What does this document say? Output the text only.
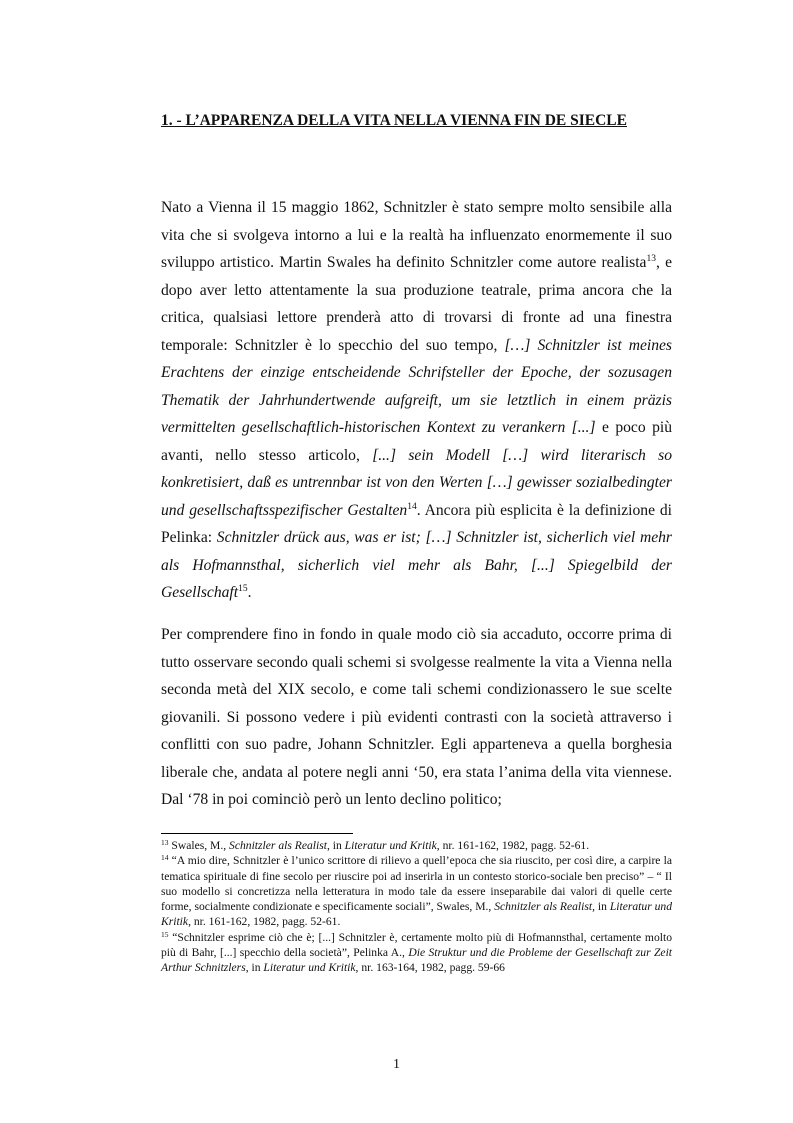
1. - L’APPARENZA DELLA VITA NELLA VIENNA FIN DE SIECLE

Nato a Vienna il 15 maggio 1862, Schnitzler è stato sempre molto sensibile alla vita che si svolgeva intorno a lui e la realtà ha influenzato enormemente il suo sviluppo artistico. Martin Swales ha definito Schnitzler come autore realista$^{13}$, e dopo aver letto attentamente la sua produzione teatrale, prima ancora che la critica, qualsiasi lettore prenderà atto di trovarsi di fronte ad una finestra temporale: Schnitzler è lo specchio del suo tempo, […] Schnitzler ist meines Erachtens der einzige entscheidende Schrifsteller der Epoche, der sozusagen Thematik der Jahrhundertwende aufgreift, um sie letztlich in einem präzis vermittelten gesellschaftlich-historischen Kontext zu verankern [...] e poco più avanti, nello stesso articolo, [...] sein Modell […] wird literarisch so konkretisiert, daß es untrennbar ist von den Werten […] gewisser sozialbedingter und gesellschaftsspezifischer Gestalten$^{14}$. Ancora più esplicita è la definizione di Pelinka: Schnitzler drück aus, was er ist; […] Schnitzler ist, sicherlich viel mehr als Hofmannsthal, sicherlich viel mehr als Bahr, [...] Spiegelbild der Gesellschaft$^{15}$.

Per comprendere fino in fondo in quale modo ciò sia accaduto, occorre prima di tutto osservare secondo quali schemi si svolgesse realmente la vita a Vienna nella seconda metà del XIX secolo, e come tali schemi condizionassero le sue scelte giovanili. Si possono vedere i più evidenti contrasti con la società attraverso i conflitti con suo padre, Johann Schnitzler. Egli apparteneva a quella borghesia liberale che, andata al potere negli anni ‘50, era stata l’anima della vita viennese. Dal ‘78 in poi cominciò però un lento declino politico;

$^{13}$ Swales, M., Schnitzler als Realist, in Literatur und Kritik, nr. 161-162, 1982, pagg. 52-61.

$^{14}$ “A mio dire, Schnitzler è l’unico scrittore di rilievo a quell’epoca che sia riuscito, per così dire, a carpire la tematica spirituale di fine secolo per riuscire poi ad inserirla in un contesto storico-sociale ben preciso” – “ Il suo modello si concretizza nella letteratura in modo tale da essere inseparabile dai valori di quelle certe forme, socialmente condizionate e specificamente sociali”, Swales, M., Schnitzler als Realist, in Literatur und Kritik, nr. 161-162, 1982, pagg. 52-61.

$^{15}$ “Schnitzler esprime ciò che è; [...] Schnitzler è, certamente molto più di Hofmannsthal, certamente molto più di Bahr, [...] specchio della società”, Pelinka A., Die Struktur und die Probleme der Gesellschaft zur Zeit Arthur Schnitzlers, in Literatur und Kritik, nr. 163-164, 1982, pagg. 59-66

1
